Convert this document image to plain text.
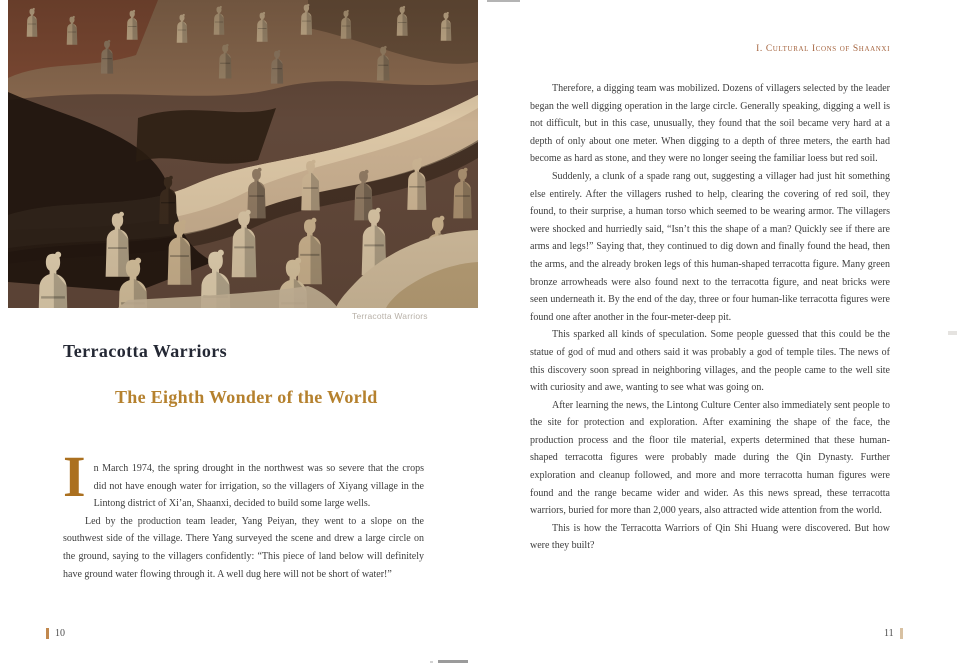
Terracotta Warriors
Terracotta Warriors
The Eighth Wonder of the World

In March 1974, the spring drought in the northwest was so severe that the crops did not have enough water for irrigation, so the villagers of Xiyang village in the Lintong district of Xi’an, Shaanxi, decided to build some large wells.

Led by the production team leader, Yang Peiyan, they went to a slope on the southwest side of the village. There Yang surveyed the scene and drew a large circle on the ground, saying to the villagers confidently: “This piece of land below will definitely have ground water flowing through it. A well dug here will not be short of water!”

I. Cultural Icons of Shaanxi

Therefore, a digging team was mobilized. Dozens of villagers selected by the leader began the well digging operation in the large circle. Generally speaking, digging a well is not difficult, but in this case, unusually, they found that the soil became very hard at a depth of only about one meter. When digging to a depth of three meters, the earth had become as hard as stone, and they were no longer seeing the familiar loess but red soil.

Suddenly, a clunk of a spade rang out, suggesting a villager had just hit something else entirely. After the villagers rushed to help, clearing the covering of red soil, they found, to their surprise, a human torso which seemed to be wearing armor. The villagers were shocked and hurriedly said, “Isn’t this the shape of a man? Quickly see if there are arms and legs!” Saying that, they continued to dig down and finally found the head, then the arms, and the already broken legs of this human-shaped terracotta figure. Many green bronze arrowheads were also found next to the terracotta figure, and neat bricks were seen underneath it. By the end of the day, three or four human-like terracotta figures were found one after another in the four-meter-deep pit.

This sparked all kinds of speculation. Some people guessed that this could be the statue of god of mud and others said it was probably a god of temple tiles. The news of this discovery soon spread in neighboring villages, and the people came to the well site with curiosity and awe, wanting to see what was going on.

After learning the news, the Lintong Culture Center also immediately sent people to the site for protection and exploration. After examining the shape of the face, the production process and the floor tile material, experts determined that these human-shaped terracotta figures were probably made during the Qin Dynasty. Further exploration and cleanup followed, and more and more terracotta human figures were found and the range became wider and wider. As this news spread, these terracotta warriors, buried for more than 2,000 years, also attracted wide attention from the world.

This is how the Terracotta Warriors of Qin Shi Huang were discovered. But how were they built?

10	11
